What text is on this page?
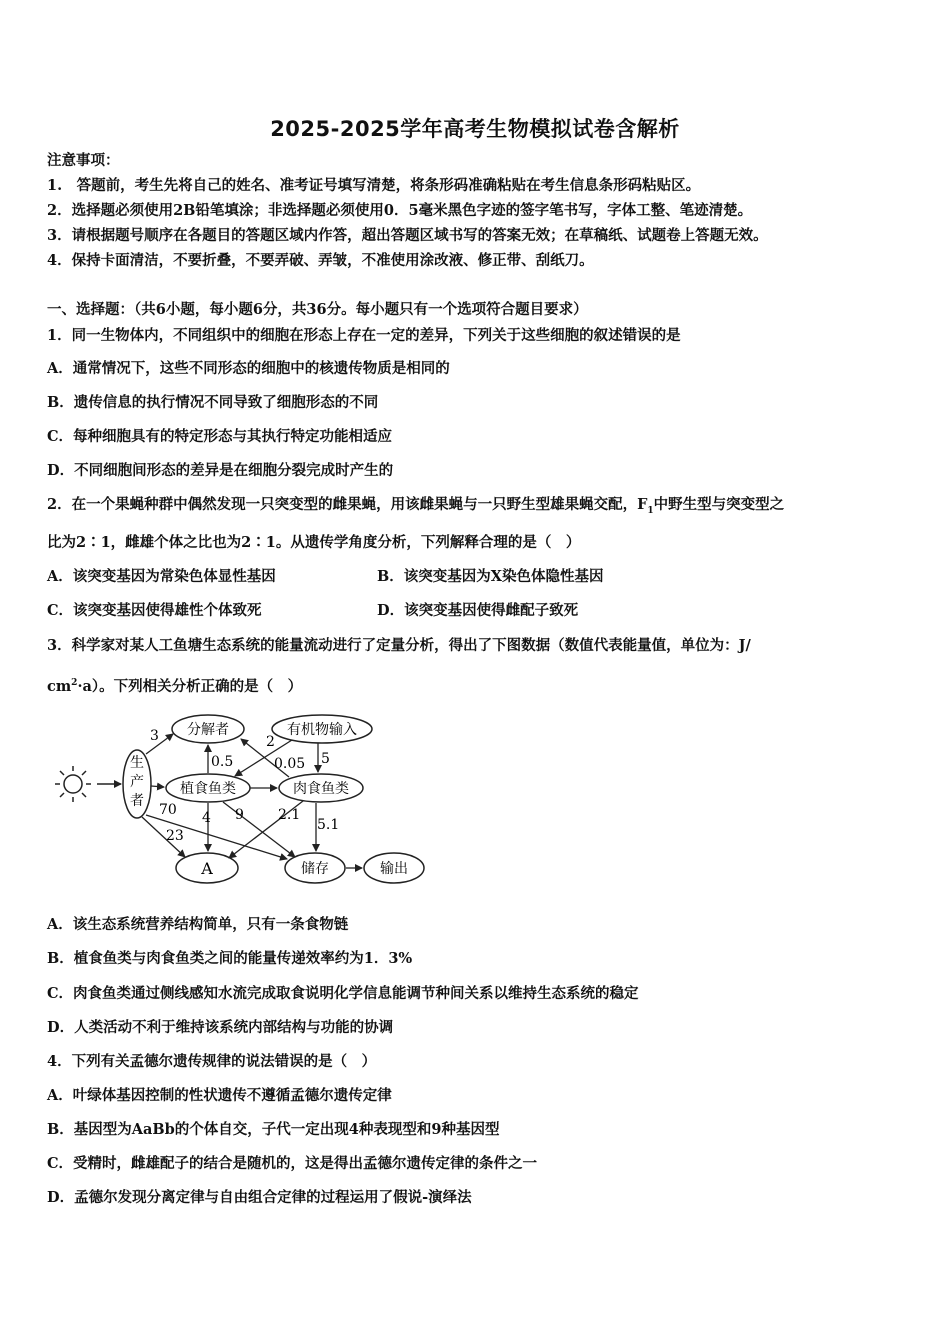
2025-2025学年高考生物模拟试卷含解析
注意事项：
1.　答题前，考生先将自己的姓名、准考证号填写清楚，将条形码准确粘贴在考生信息条形码粘贴区。
2．选择题必须使用2B铅笔填涂；非选择题必须使用0．5毫米黑色字迹的签字笔书写，字体工整、笔迹清楚。
3．请根据题号顺序在各题目的答题区域内作答，超出答题区域书写的答案无效；在草稿纸、试题卷上答题无效。
4．保持卡面清洁，不要折叠，不要弄破、弄皱，不准使用涂改液、修正带、刮纸刀。
一、选择题：（共6小题，每小题6分，共36分。每小题只有一个选项符合题目要求）
1．同一生物体内，不同组织中的细胞在形态上存在一定的差异，下列关于这些细胞的叙述错误的是
A．通常情况下，这些不同形态的细胞中的核遗传物质是相同的
B．遗传信息的执行情况不同导致了细胞形态的不同
C．每种细胞具有的特定形态与其执行特定功能相适应
D．不同细胞间形态的差异是在细胞分裂完成时产生的
2．在一个果蝇种群中偶然发现一只突变型的雌果蝇，用该雌果蝇与一只野生型雄果蝇交配，$F_1$中野生型与突变型之
比为2∶1，雌雄个体之比也为2∶1。从遗传学角度分析，下列解释合理的是（　）
A．该突变基因为常染色体显性基因	B．该突变基因为X染色体隐性基因
C．该突变基因使得雄性个体致死	D．该突变基因使得雌配子致死
3．科学家对某人工鱼塘生态系统的能量流动进行了定量分析，得出了下图数据（数值代表能量值，单位为：J/
$cm^2\cdot a$）。下列相关分析正确的是（　）
生
产
者
分解者	有机物输入
植食鱼类	肉食鱼类
A	储存	输出
3	2
0.5	0.05 5
70
23
4 9 2.1
5.1
A．该生态系统营养结构简单，只有一条食物链
B．植食鱼类与肉食鱼类之间的能量传递效率约为1．3%
C．肉食鱼类通过侧线感知水流完成取食说明化学信息能调节种间关系以维持生态系统的稳定
D．人类活动不利于维持该系统内部结构与功能的协调
4．下列有关孟德尔遗传规律的说法错误的是（　）
A．叶绿体基因控制的性状遗传不遵循孟德尔遗传定律
B．基因型为AaBb的个体自交，子代一定出现4种表现型和9种基因型
C．受精时，雌雄配子的结合是随机的，这是得出孟德尔遗传定律的条件之一
D．孟德尔发现分离定律与自由组合定律的过程运用了假说-演绎法
